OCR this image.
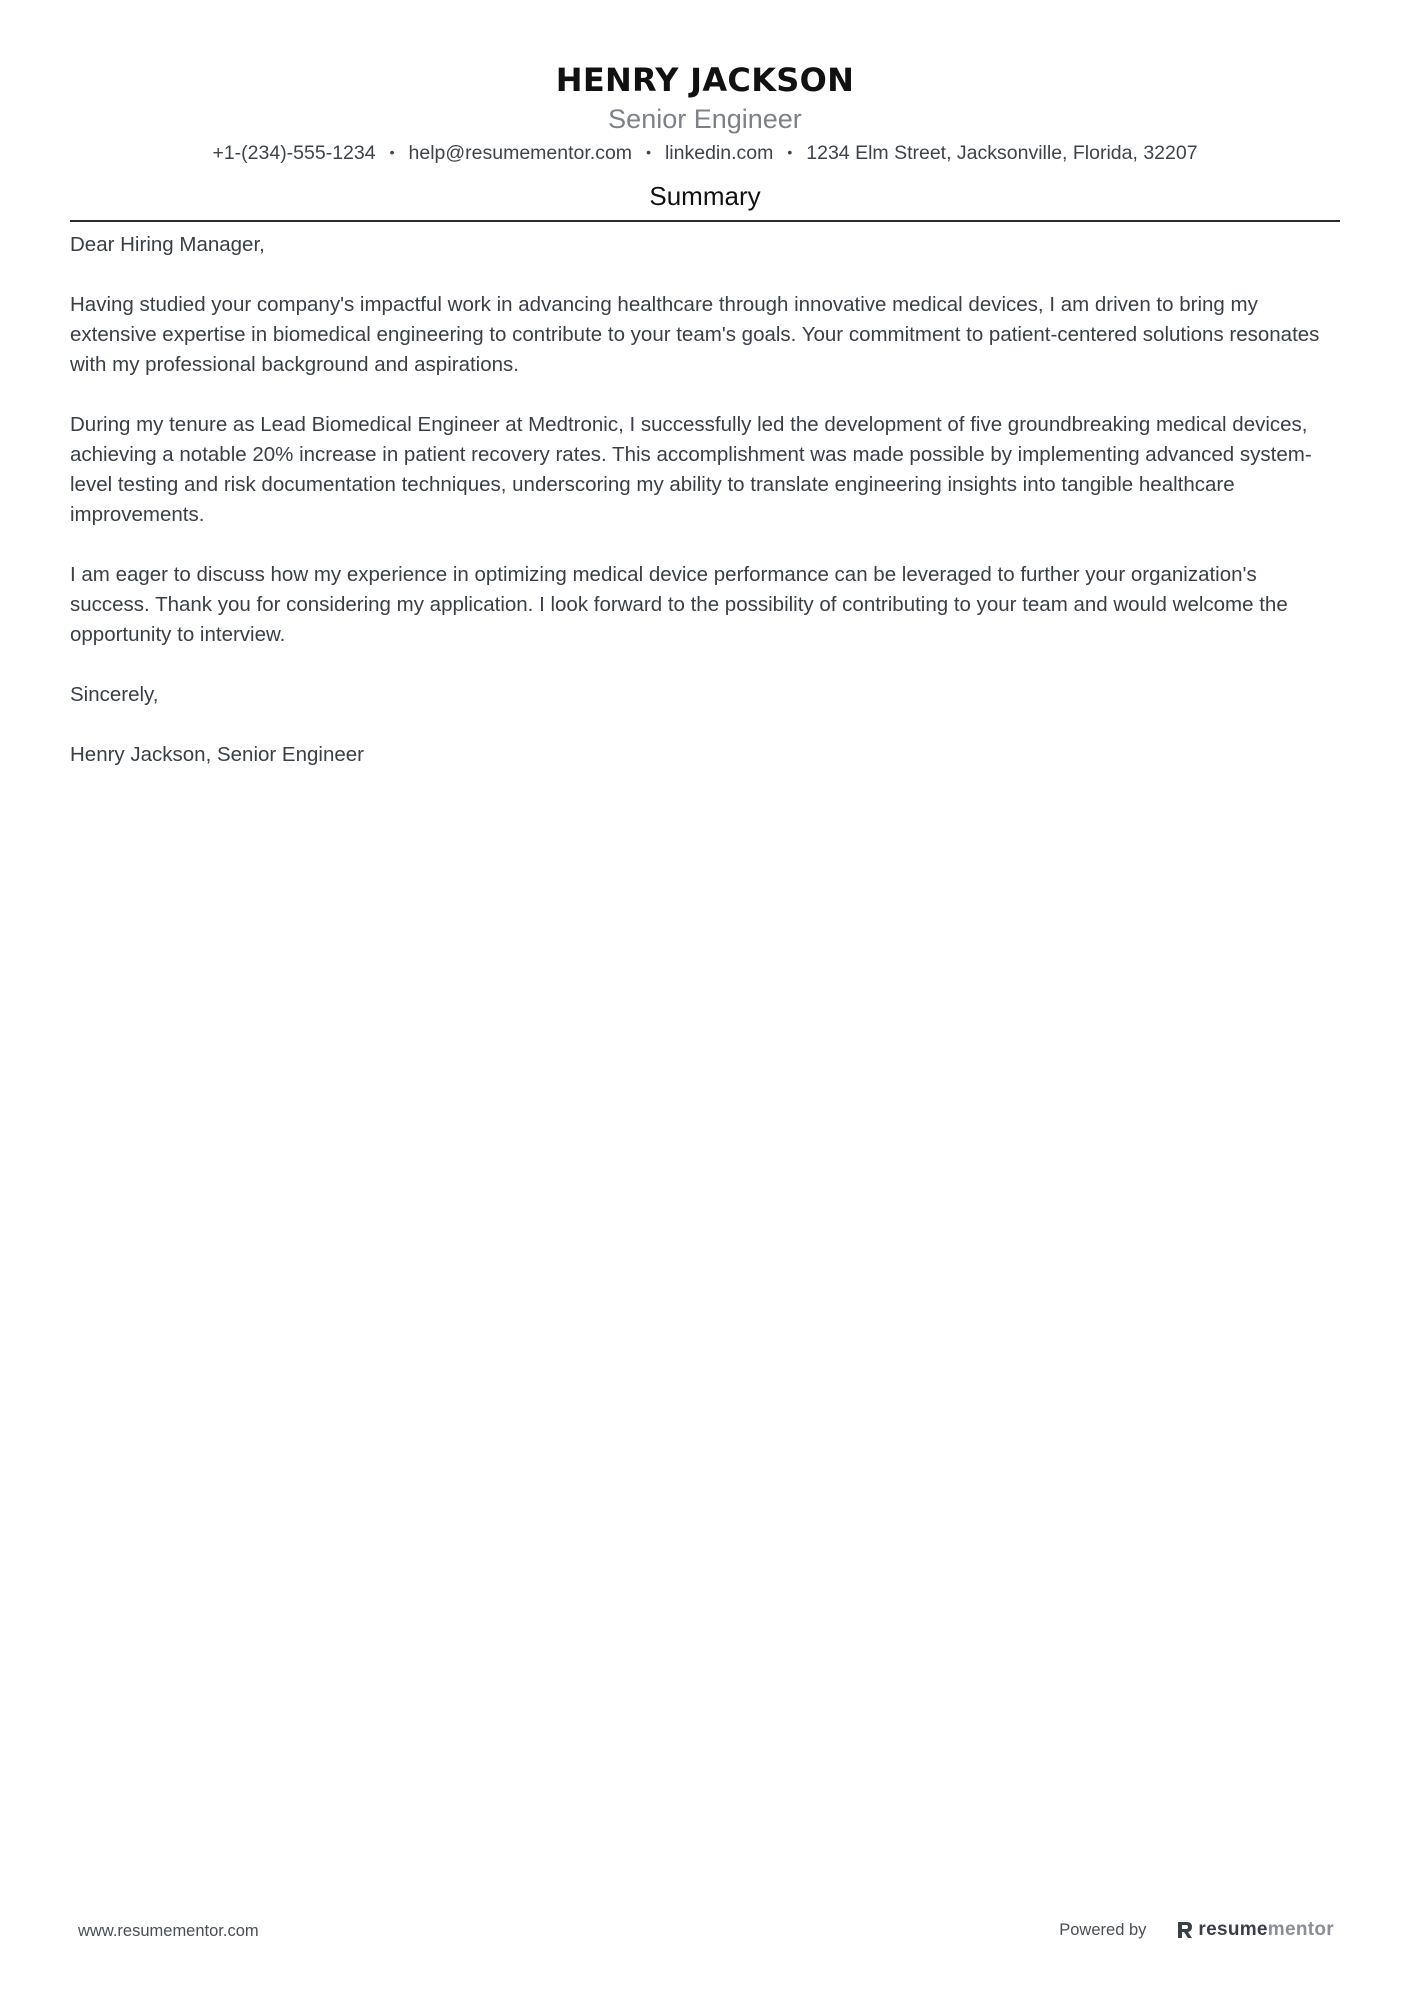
HENRY JACKSON
Senior Engineer
+1-(234)-555-1234 • help@resumementor.com • linkedin.com • 1234 Elm Street, Jacksonville, Florida, 32207
Summary

Dear Hiring Manager,

Having studied your company's impactful work in advancing healthcare through innovative medical devices, I am driven to bring my extensive expertise in biomedical engineering to contribute to your team's goals. Your commitment to patient-centered solutions resonates with my professional background and aspirations.

During my tenure as Lead Biomedical Engineer at Medtronic, I successfully led the development of five groundbreaking medical devices, achieving a notable 20% increase in patient recovery rates. This accomplishment was made possible by implementing advanced system-level testing and risk documentation techniques, underscoring my ability to translate engineering insights into tangible healthcare improvements.

I am eager to discuss how my experience in optimizing medical device performance can be leveraged to further your organization's success. Thank you for considering my application. I look forward to the possibility of contributing to your team and would welcome the opportunity to interview.

Sincerely,

Henry Jackson, Senior Engineer

www.resumementor.com	Powered by	resumementor
